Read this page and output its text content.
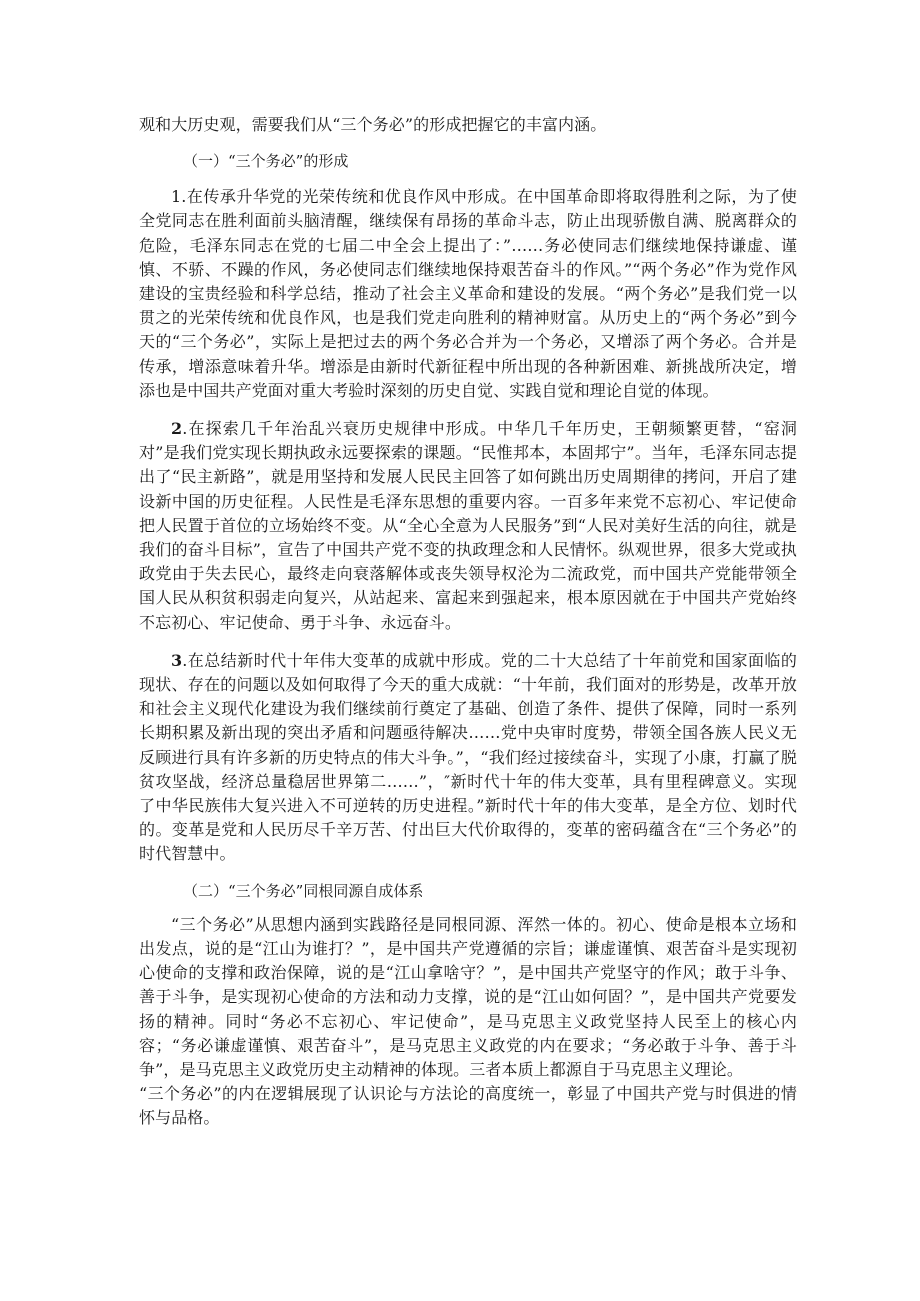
观和大历史观，需要我们从“三个务必”的形成把握它的丰富内涵。

（一）“三个务必”的形成

1.在传承升华党的光荣传统和优良作风中形成。在中国革命即将取得胜利之际，为了使全党同志在胜利面前头脑清醒，继续保有昂扬的革命斗志，防止出现骄傲自满、脱离群众的危险，毛泽东同志在党的七届二中全会上提出了：”……务必使同志们继续地保持谦虚、谨慎、不骄、不躁的作风，务必使同志们继续地保持艰苦奋斗的作风。”“两个务必”作为党作风建设的宝贵经验和科学总结，推动了社会主义革命和建设的发展。“两个务必”是我们党一以贯之的光荣传统和优良作风，也是我们党走向胜利的精神财富。从历史上的“两个务必”到今天的“三个务必”，实际上是把过去的两个务必合并为一个务必，又增添了两个务必。合并是传承，增添意味着升华。增添是由新时代新征程中所出现的各种新困难、新挑战所决定，增添也是中国共产党面对重大考验时深刻的历史自觉、实践自觉和理论自觉的体现。

2.在探索几千年治乱兴衰历史规律中形成。中华几千年历史，王朝频繁更替，“窑洞对”是我们党实现长期执政永远要探索的课题。“民惟邦本，本固邦宁”。当年，毛泽东同志提出了“民主新路”，就是用坚持和发展人民民主回答了如何跳出历史周期律的拷问，开启了建设新中国的历史征程。人民性是毛泽东思想的重要内容。一百多年来党不忘初心、牢记使命把人民置于首位的立场始终不变。从“全心全意为人民服务”到“人民对美好生活的向往，就是我们的奋斗目标”，宣告了中国共产党不变的执政理念和人民情怀。纵观世界，很多大党或执政党由于失去民心，最终走向衰落解体或丧失领导权沦为二流政党，而中国共产党能带领全国人民从积贫积弱走向复兴，从站起来、富起来到强起来，根本原因就在于中国共产党始终不忘初心、牢记使命、勇于斗争、永远奋斗。

3.在总结新时代十年伟大变革的成就中形成。党的二十大总结了十年前党和国家面临的现状、存在的问题以及如何取得了今天的重大成就：“十年前，我们面对的形势是，改革开放和社会主义现代化建设为我们继续前行奠定了基础、创造了条件、提供了保障，同时一系列长期积累及新出现的突出矛盾和问题亟待解决……党中央审时度势，带领全国各族人民义无反顾进行具有许多新的历史特点的伟大斗争。”，“我们经过接续奋斗，实现了小康，打赢了脱贫攻坚战，经济总量稳居世界第二……”，″新时代十年的伟大变革，具有里程碑意义。实现了中华民族伟大复兴进入不可逆转的历史进程。”新时代十年的伟大变革，是全方位、划时代的。变革是党和人民历尽千辛万苦、付出巨大代价取得的，变革的密码蕴含在“三个务必”的时代智慧中。

（二）“三个务必”同根同源自成体系

“三个务必”从思想内涵到实践路径是同根同源、浑然一体的。初心、使命是根本立场和出发点，说的是“江山为谁打？”，是中国共产党遵循的宗旨；谦虚谨慎、艰苦奋斗是实现初心使命的支撑和政治保障，说的是“江山拿啥守？”，是中国共产党坚守的作风；敢于斗争、善于斗争，是实现初心使命的方法和动力支撑，说的是“江山如何固？”，是中国共产党要发扬的精神。同时“务必不忘初心、牢记使命”，是马克思主义政党坚持人民至上的核心内容；“务必谦虚谨慎、艰苦奋斗”，是马克思主义政党的内在要求；“务必敢于斗争、善于斗争”，是马克思主义政党历史主动精神的体现。三者本质上都源自于马克思主义理论。

“三个务必”的内在逻辑展现了认识论与方法论的高度统一，彰显了中国共产党与时俱进的情怀与品格。
